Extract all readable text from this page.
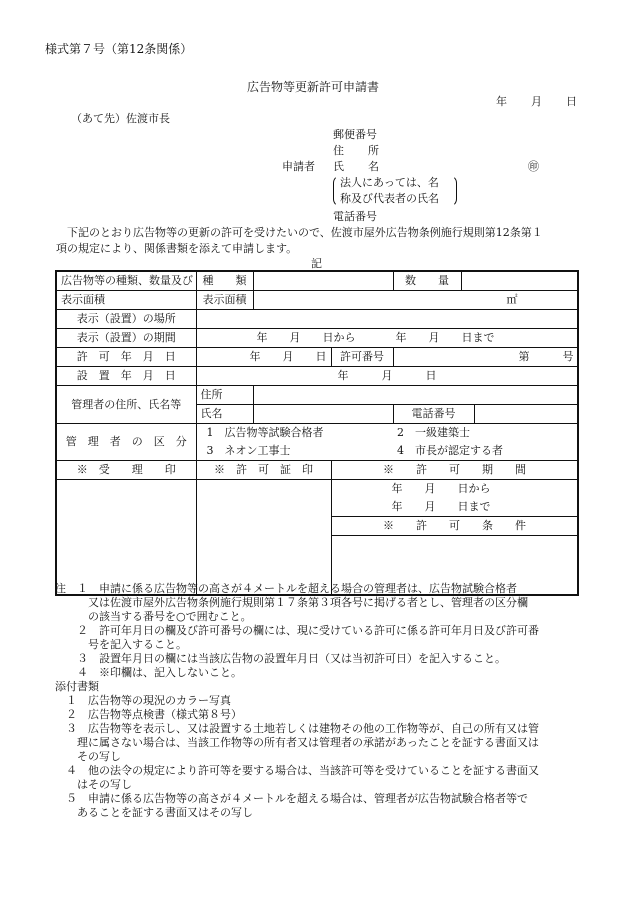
様式第７号（第12条関係）
広告物等更新許可申請書
年 月 日
（あて先）佐渡市長
郵便番号
住 所
申請者 氏 名	㊞
法人にあっては、名
称及び代表者の氏名
電話番号
下記のとおり広告物等の更新の許可を受けたいので、佐渡市屋外広告物条例施行規則第12条第１
項の規定により、関係書類を添えて申請します。
記
広告物等の種類、数量及び	種　　類			数　　量		
表示面積	表示面積	㎡				
表示（設置）の場所						
表示（設置）の期間	年　　月　　日から 年　　月　　日まで					
許　可　年　月　日	年　　月　　日		許可番号	第　　　号		
設　置　年　月　日	年　　　月　　　日					
管理者の住所、氏名等	住所					
	氏名			電話番号		
管　理　者　の　区　分	1　広告物等試験合格者			2　一級建築士		
	3　ネオン工事士			4　市長が認定する者		
※　受　　理　　印	※　許　可　証　印		※　　許　　可　　期　　間			
			年　　月　　日から			
			年　　月　　日まで			
			※　　許　　可　　条　　件			

注　１　申請に係る広告物等の高さが４メートルを超える場合の管理者は、広告物試験合格者
　　　又は佐渡市屋外広告物条例施行規則第１７条第３項各号に掲げる者とし、管理者の区分欄
　　　の該当する番号を○で囲むこと。
　　２　許可年月日の欄及び許可番号の欄には、現に受けている許可に係る許可年月日及び許可番
　　　号を記入すること。
　　３　設置年月日の欄には当該広告物の設置年月日（又は当初許可日）を記入すること。
　　４　※印欄は、記入しないこと。
添付書類
　１　広告物等の現況のカラー写真
　２　広告物等点検書（様式第８号）
　３　広告物等を表示し、又は設置する土地若しくは建物その他の工作物等が、自己の所有又は管
　　理に属さない場合は、当該工作物等の所有者又は管理者の承諾があったことを証する書面又は
　　その写し
　４　他の法令の規定により許可等を要する場合は、当該許可等を受けていることを証する書面又
　　はその写し
　５　申請に係る広告物等の高さが４メートルを超える場合は、管理者が広告物試験合格者等で
　　あることを証する書面又はその写し
